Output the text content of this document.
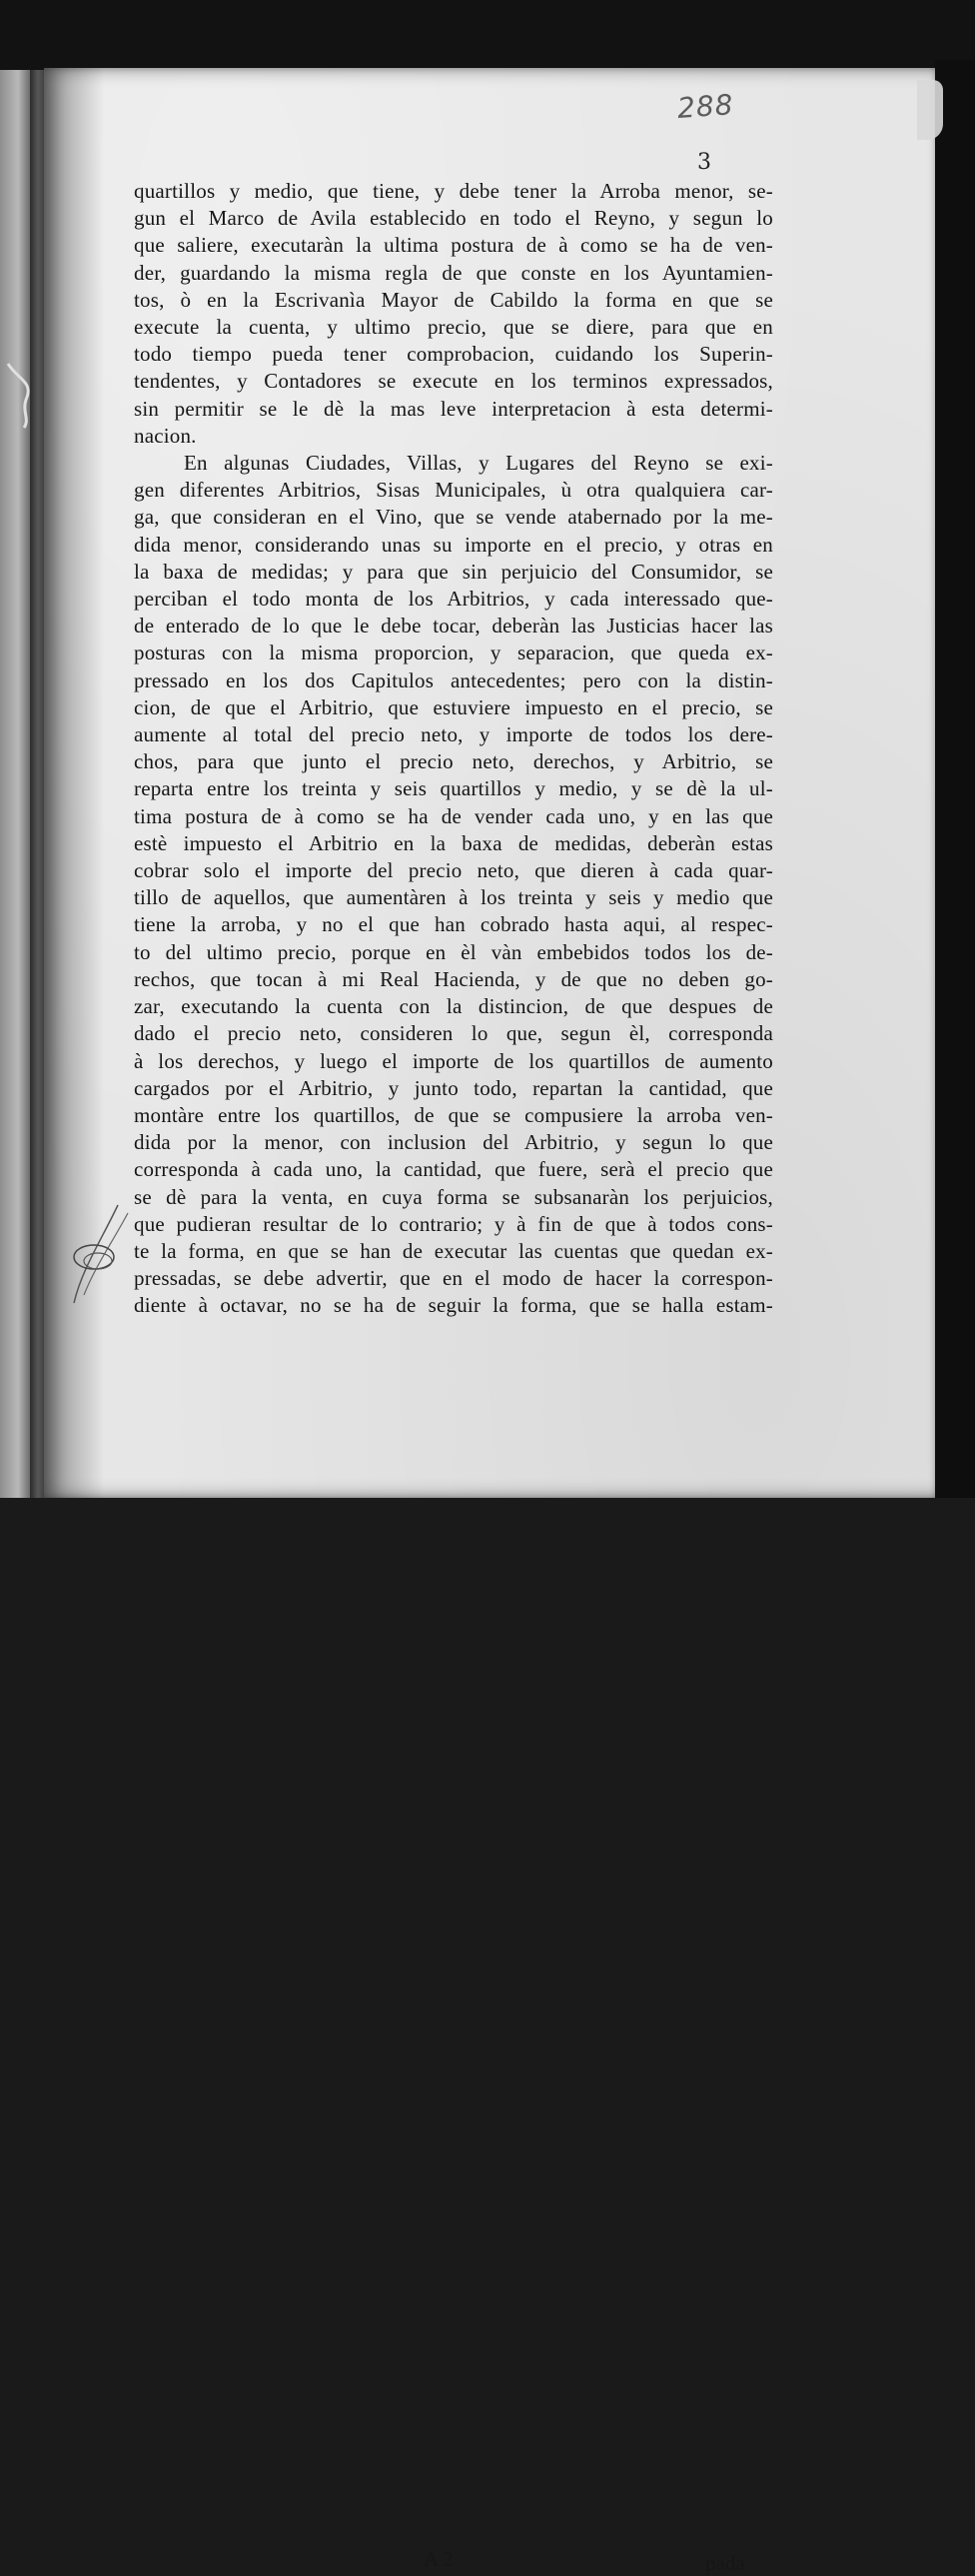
288
3
quartillos y medio, que tiene, y debe tener la Arroba menor, se-
gun el Marco de Avila establecido en todo el Reyno, y segun lo
que saliere, executaràn la ultima postura de à como se ha de ven-
der, guardando la misma regla de que conste en los Ayuntamien-
tos, ò en la Escrivanìa Mayor de Cabildo la forma en que se
execute la cuenta, y ultimo precio, que se diere, para que en
todo tiempo pueda tener comprobacion, cuidando los Superin-
tendentes, y Contadores se execute en los terminos expressados,
sin permitir se le dè la mas leve interpretacion à esta determi-
nacion.
En algunas Ciudades, Villas, y Lugares del Reyno se exi-
gen diferentes Arbitrios, Sisas Municipales, ù otra qualquiera car-
ga, que consideran en el Vino, que se vende atabernado por la me-
dida menor, considerando unas su importe en el precio, y otras en
la baxa de medidas; y para que sin perjuicio del Consumidor, se
perciban el todo monta de los Arbitrios, y cada interessado que-
de enterado de lo que le debe tocar, deberàn las Justicias hacer las
posturas con la misma proporcion, y separacion, que queda ex-
pressado en los dos Capitulos antecedentes; pero con la distin-
cion, de que el Arbitrio, que estuviere impuesto en el precio, se
aumente al total del precio neto, y importe de todos los dere-
chos, para que junto el precio neto, derechos, y Arbitrio, se
reparta entre los treinta y seis quartillos y medio, y se dè la ul-
tima postura de à como se ha de vender cada uno, y en las que
estè impuesto el Arbitrio en la baxa de medidas, deberàn estas
cobrar solo el importe del precio neto, que dieren à cada quar-
tillo de aquellos, que aumentàren à los treinta y seis y medio que
tiene la arroba, y no el que han cobrado hasta aqui, al respec-
to del ultimo precio, porque en èl vàn embebidos todos los de-
rechos, que tocan à mi Real Hacienda, y de que no deben go-
zar, executando la cuenta con la distincion, de que despues de
dado el precio neto, consideren lo que, segun èl, corresponda
à los derechos, y luego el importe de los quartillos de aumento
cargados por el Arbitrio, y junto todo, repartan la cantidad, que
montàre entre los quartillos, de que se compusiere la arroba ven-
dida por la menor, con inclusion del Arbitrio, y segun lo que
corresponda à cada uno, la cantidad, que fuere, serà el precio que
se dè para la venta, en cuya forma se subsanaràn los perjuicios,
que pudieran resultar de lo contrario; y à fin de que à todos cons-
te la forma, en que se han de executar las cuentas que quedan ex-
pressadas, se debe advertir, que en el modo de hacer la correspon-
diente à octavar, no se ha de seguir la forma, que se halla estam-
A 2	pada
